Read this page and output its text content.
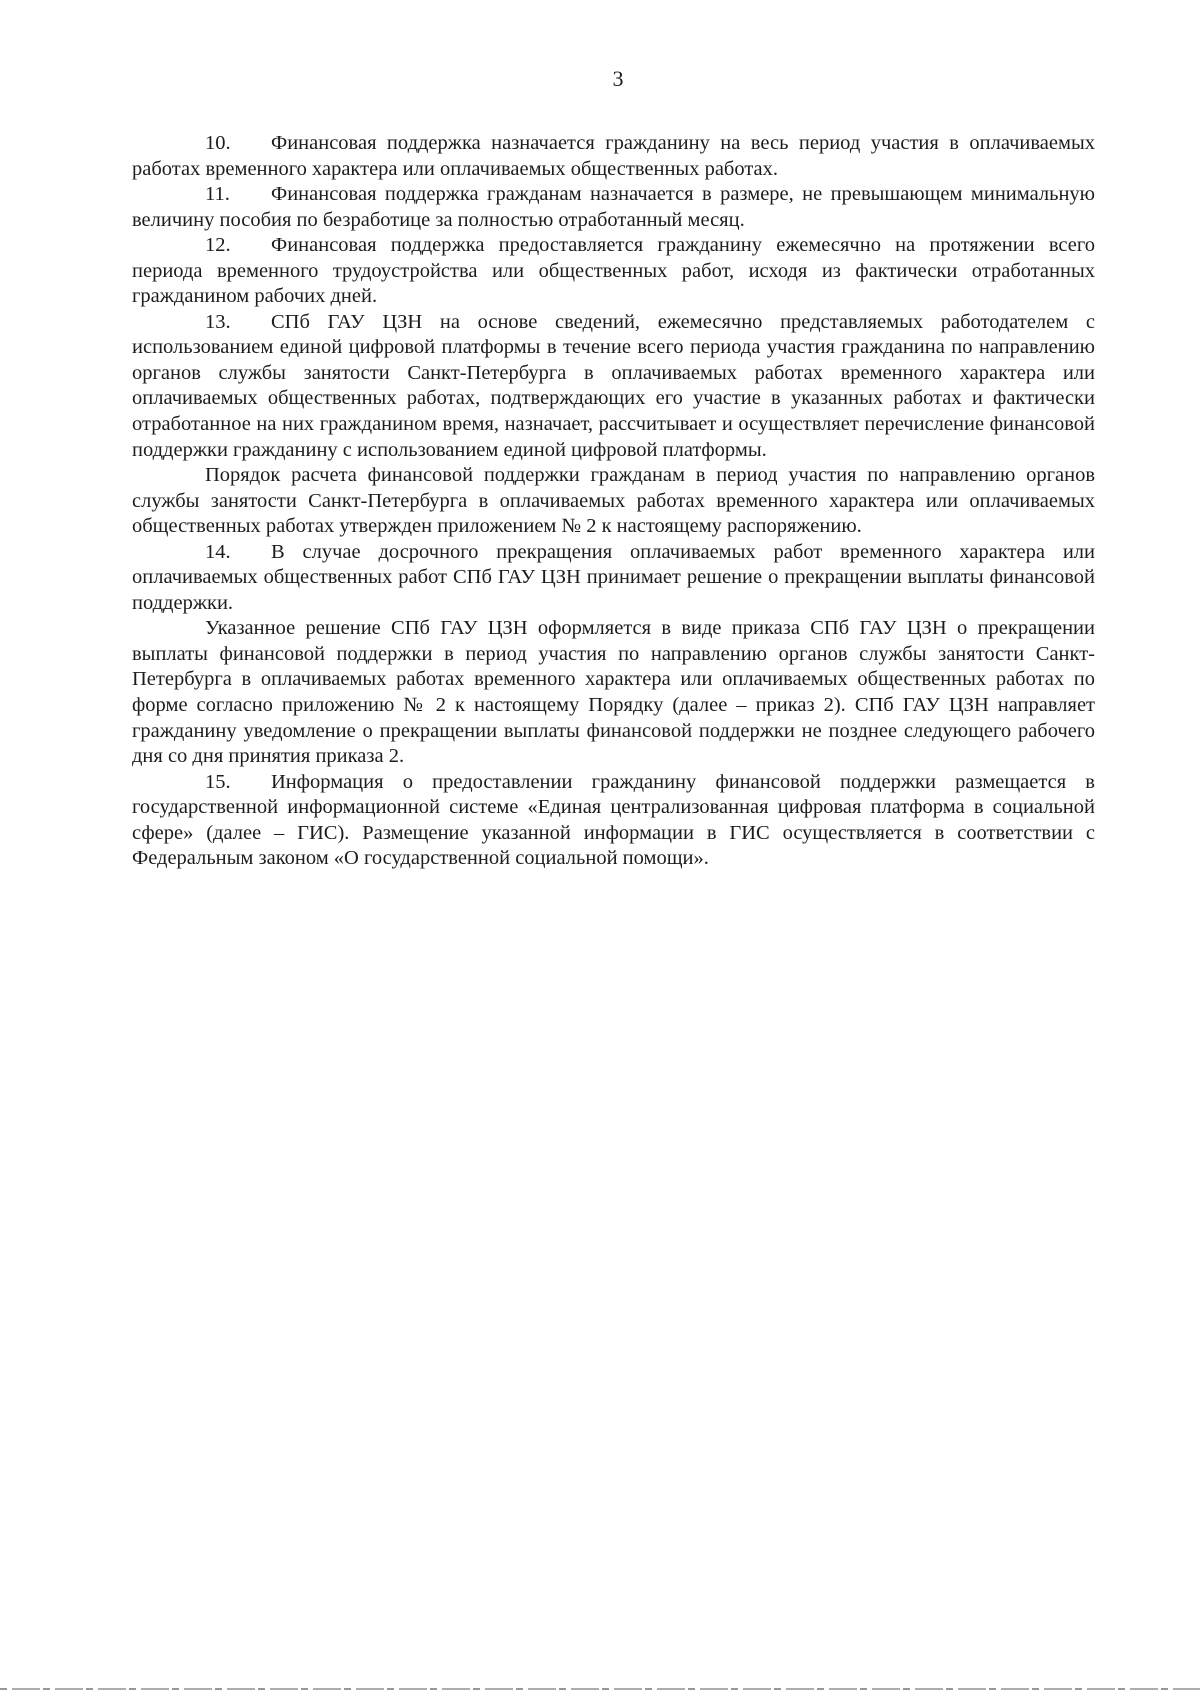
3

10. Финансовая поддержка назначается гражданину на весь период участия в оплачиваемых работах временного характера или оплачиваемых общественных работах.

11. Финансовая поддержка гражданам назначается в размере, не превышающем минимальную величину пособия по безработице за полностью отработанный месяц.

12. Финансовая поддержка предоставляется гражданину ежемесячно на протяжении всего периода временного трудоустройства или общественных работ, исходя из фактически отработанных гражданином рабочих дней.

13. СПб ГАУ ЦЗН на основе сведений, ежемесячно представляемых работодателем с использованием единой цифровой платформы в течение всего периода участия гражданина по направлению органов службы занятости Санкт-Петербурга в оплачиваемых работах временного характера или оплачиваемых общественных работах, подтверждающих его участие в указанных работах и фактически отработанное на них гражданином время, назначает, рассчитывает и осуществляет перечисление финансовой поддержки гражданину с использованием единой цифровой платформы.

Порядок расчета финансовой поддержки гражданам в период участия по направлению органов службы занятости Санкт-Петербурга в оплачиваемых работах временного характера или оплачиваемых общественных работах утвержден приложением № 2 к настоящему распоряжению.

14. В случае досрочного прекращения оплачиваемых работ временного характера или оплачиваемых общественных работ СПб ГАУ ЦЗН принимает решение о прекращении выплаты финансовой поддержки.

Указанное решение СПб ГАУ ЦЗН оформляется в виде приказа СПб ГАУ ЦЗН о прекращении выплаты финансовой поддержки в период участия по направлению органов службы занятости Санкт-Петербурга в оплачиваемых работах временного характера или оплачиваемых общественных работах по форме согласно приложению № 2 к настоящему Порядку (далее – приказ 2). СПб ГАУ ЦЗН направляет гражданину уведомление о прекращении выплаты финансовой поддержки не позднее следующего рабочего дня со дня принятия приказа 2.

15. Информация о предоставлении гражданину финансовой поддержки размещается в государственной информационной системе «Единая централизованная цифровая платформа в социальной сфере» (далее – ГИС). Размещение указанной информации в ГИС осуществляется в соответствии с Федеральным законом «О государственной социальной помощи».
